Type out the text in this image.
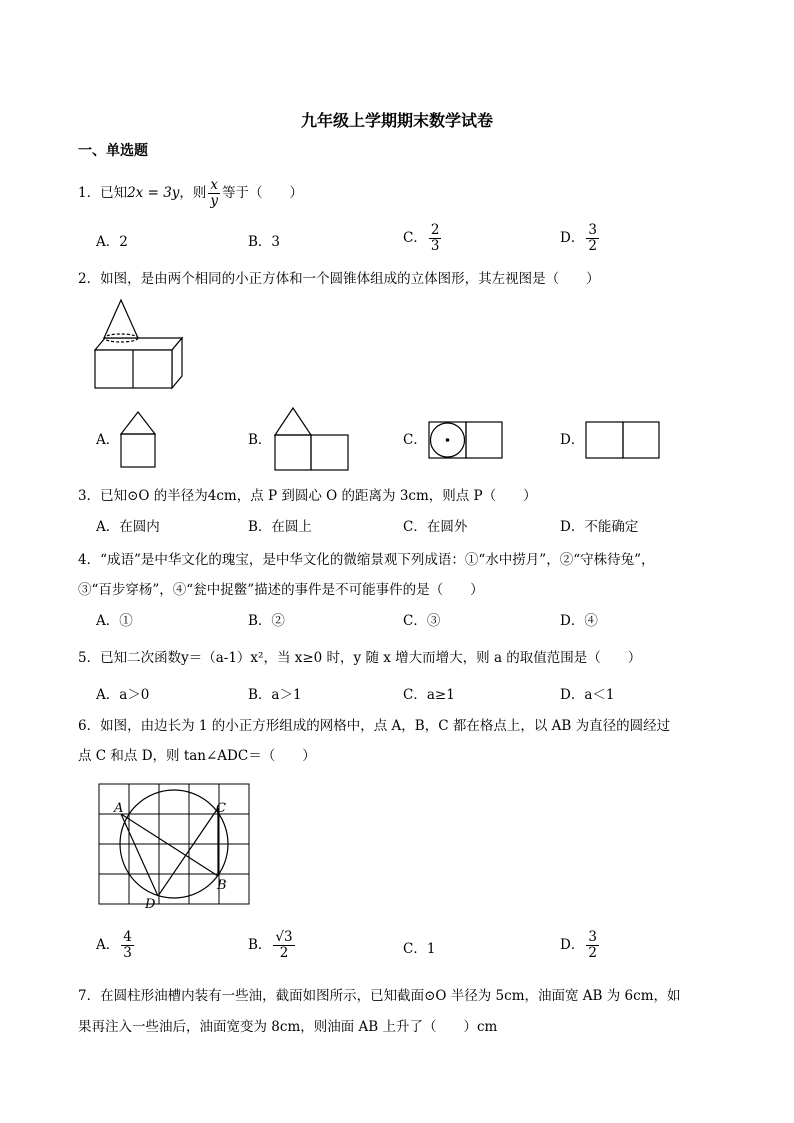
九年级上学期期末数学试卷
一、单选题
1．已知2x = 3y，则 $\frac{x}{y}$ 等于（　　）
A．2	B．3	C． $\frac{2}{3}$	D． $\frac{3}{2}$
2．如图，是由两个相同的小正方体和一个圆锥体组成的立体图形，其左视图是（　　）
A．	B．	C．	D．
3．已知⊙O 的半径为4cm，点 P 到圆心 O 的距离为 3cm，则点 P（　　）
A．在圆内	B．在圆上	C．在圆外	D．不能确定
4．“成语”是中华文化的瑰宝，是中华文化的微缩景观下列成语：①“水中捞月”，②“守株待兔”，
③“百步穿杨”，④“瓮中捉鳖”描述的事件是不可能事件的是（　　）
A．①	B．②	C．③	D．④
5．已知二次函数y＝（a-1）x²，当 x≥0 时，y 随 x 增大而增大，则 a 的取值范围是（　　）
A．a＞0	B．a＞1	C．a≥1	D．a＜1
6．如图，由边长为 1 的小正方形组成的网格中，点 A，B，C 都在格点上，以 AB 为直径的圆经过
点 C 和点 D，则 tan∠ADC＝（　　）
A	C
B
D
A． $\frac{4}{3}$	B． $\frac{√3}{2}$	C．1	D． $\frac{3}{2}$
7．在圆柱形油槽内装有一些油，截面如图所示，已知截面⊙O 半径为 5cm，油面宽 AB 为 6cm，如
果再注入一些油后，油面宽变为 8cm，则油面 AB 上升了（　　）cm
